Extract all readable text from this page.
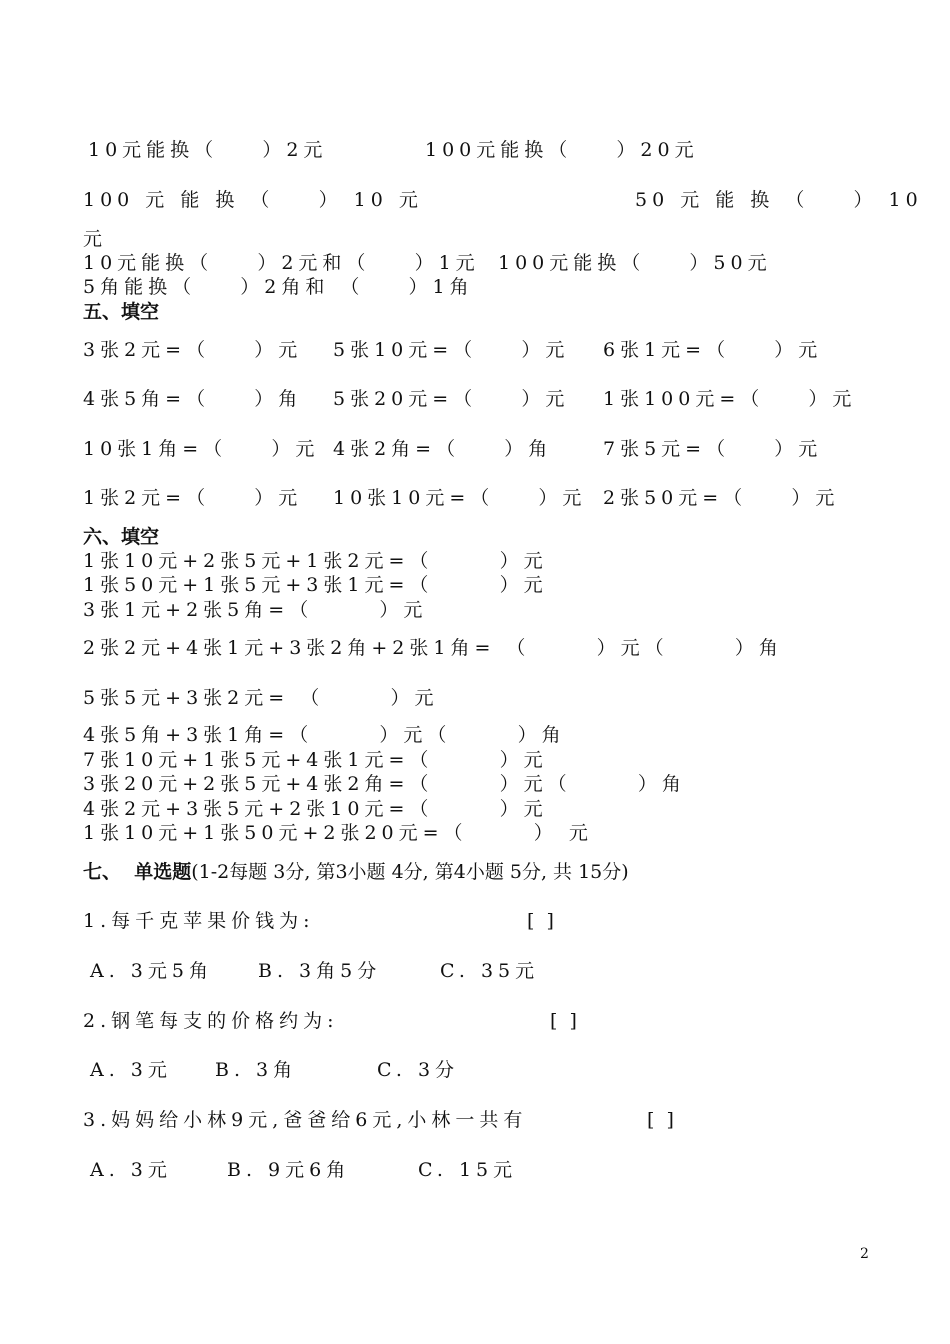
10元能换（    ）2元	100元能换（    ）20元
100 元 能 换 （    ） 10 元	50 元 能 换 （    ） 10
元
10元能换（    ）2元和（    ）1元 100元能换（    ）50元
5角能换（    ）2角和 （    ）1角
五、填空
3张2元=（    ）元 5张10元=（    ）元 6张1元=（    ）元
4张5角=（    ）角 5张20元=（    ）元 1张100元=（    ）元
10张1角=（    ）元 4张2角=（    ）角	7张5元=（    ）元
1张2元=（    ）元 10张10元=（    ）元 2张50元=（    ）元
六、填空
1张10元+2张5元+1张2元=（      ）元
1张50元+1张5元+3张1元=（      ）元
3张1元+2张5角=（      ）元
2张2元+4张1元+3张2角+2张1角= （      ）元（      ）角
5张5元+3张2元= （      ）元
4张5角+3张1角=（      ）元（      ）角
7张10元+1张5元+4张1元=（      ）元
3张20元+2张5元+4张2角=（      ）元（      ）角
4张2元+3张5元+2张10元=（      ）元
1张10元+1张50元+2张20元=（      ） 元
七、  单选题(1-2每题 3分, 第3小题 4分, 第4小题 5分, 共 15分)
1.每千克苹果价钱为:	[  ]
A. 3元5角 B. 3角5分	C. 35元
2.钢笔每支的价格约为:	[  ]
A. 3元 B. 3角	C. 3分
3.妈妈给小林9元,爸爸给6元,小林一共有	[  ]
A. 3元	B. 9元6角	C. 15元
2
